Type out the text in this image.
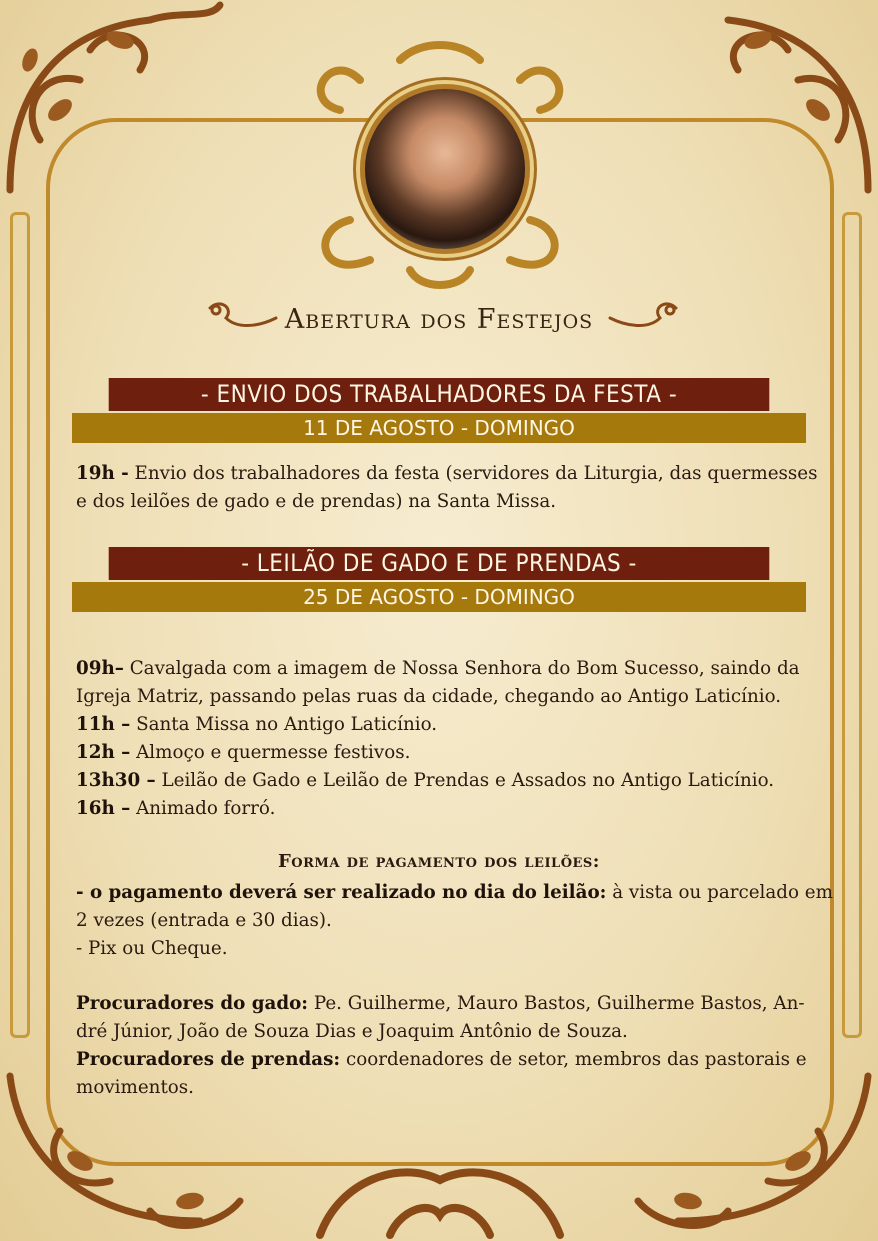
Abertura dos Festejos
- ENVIO DOS TRABALHADORES DA FESTA -
11 DE AGOSTO - DOMINGO
19h - Envio dos trabalhadores da festa (servidores da Liturgia, das quermesses
e dos leilões de gado e de prendas) na Santa Missa.
- LEILÃO DE GADO E DE PRENDAS -
25 DE AGOSTO - DOMINGO
09h– Cavalgada com a imagem de Nossa Senhora do Bom Sucesso, saindo da
Igreja Matriz, passando pelas ruas da cidade, chegando ao Antigo Laticínio.
11h – Santa Missa no Antigo Laticínio.
12h – Almoço e quermesse festivos.
13h30 – Leilão de Gado e Leilão de Prendas e Assados no Antigo Laticínio.
16h – Animado forró.
Forma de pagamento dos leilões:
- o pagamento deverá ser realizado no dia do leilão: à vista ou parcelado em
2 vezes (entrada e 30 dias).
- Pix ou Cheque.
Procuradores do gado: Pe. Guilherme, Mauro Bastos, Guilherme Bastos, An-
dré Júnior, João de Souza Dias e Joaquim Antônio de Souza.
Procuradores de prendas: coordenadores de setor, membros das pastorais e
movimentos.
